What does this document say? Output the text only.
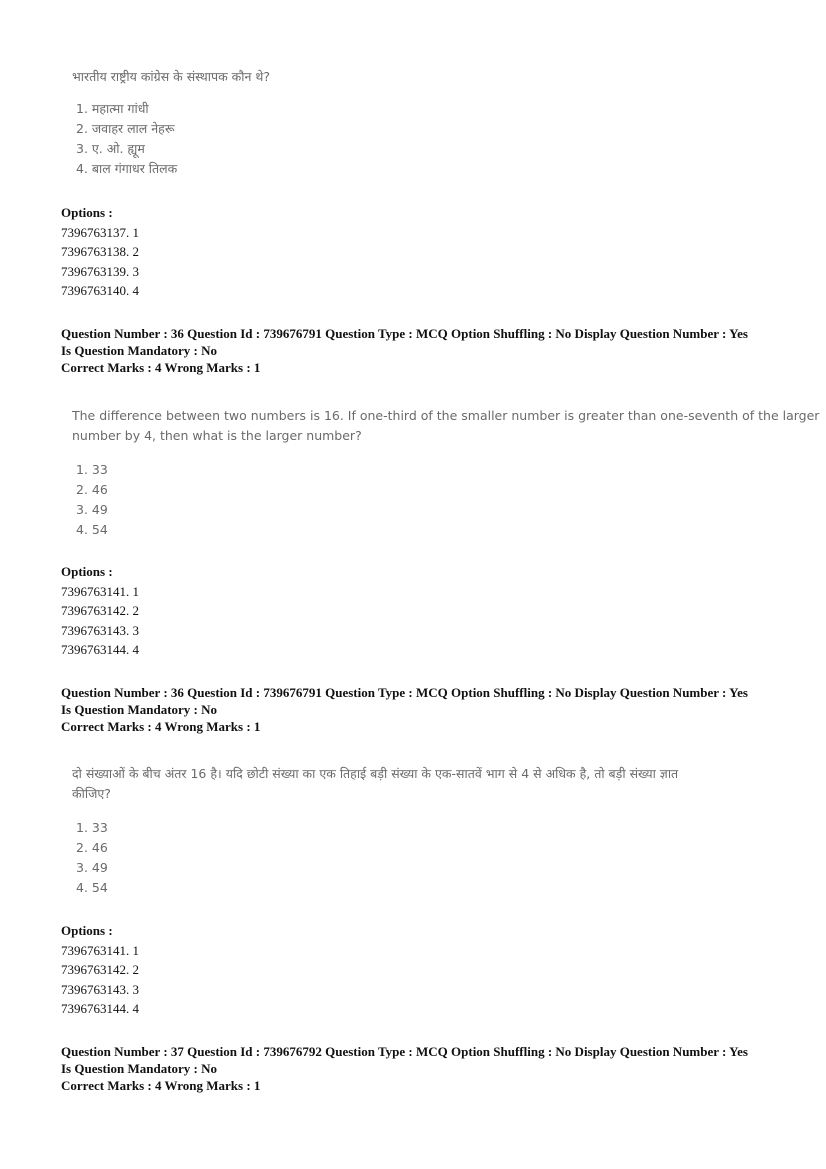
भारतीय राष्ट्रीय कांग्रेस के संस्थापक कौन थे?
1. महात्मा गांधी
2. जवाहर लाल नेहरू
3. ए. ओ. ह्यूम
4. बाल गंगाधर तिलक
Options :
7396763137. 1
7396763138. 2
7396763139. 3
7396763140. 4
Question Number : 36 Question Id : 739676791 Question Type : MCQ Option Shuffling : No Display Question Number : Yes
Is Question Mandatory : No
Correct Marks : 4 Wrong Marks : 1
The difference between two numbers is 16. If one-third of the smaller number is greater than one-seventh of the larger
number by 4, then what is the larger number?
1. 33
2. 46
3. 49
4. 54
Options :
7396763141. 1
7396763142. 2
7396763143. 3
7396763144. 4
Question Number : 36 Question Id : 739676791 Question Type : MCQ Option Shuffling : No Display Question Number : Yes
Is Question Mandatory : No
Correct Marks : 4 Wrong Marks : 1
दो संख्याओं के बीच अंतर 16 है। यदि छोटी संख्या का एक तिहाई बड़ी संख्या के एक-सातवें भाग से 4 से अधिक है, तो बड़ी संख्या ज्ञात
कीजिए?
1. 33
2. 46
3. 49
4. 54
Options :
7396763141. 1
7396763142. 2
7396763143. 3
7396763144. 4
Question Number : 37 Question Id : 739676792 Question Type : MCQ Option Shuffling : No Display Question Number : Yes
Is Question Mandatory : No
Correct Marks : 4 Wrong Marks : 1
